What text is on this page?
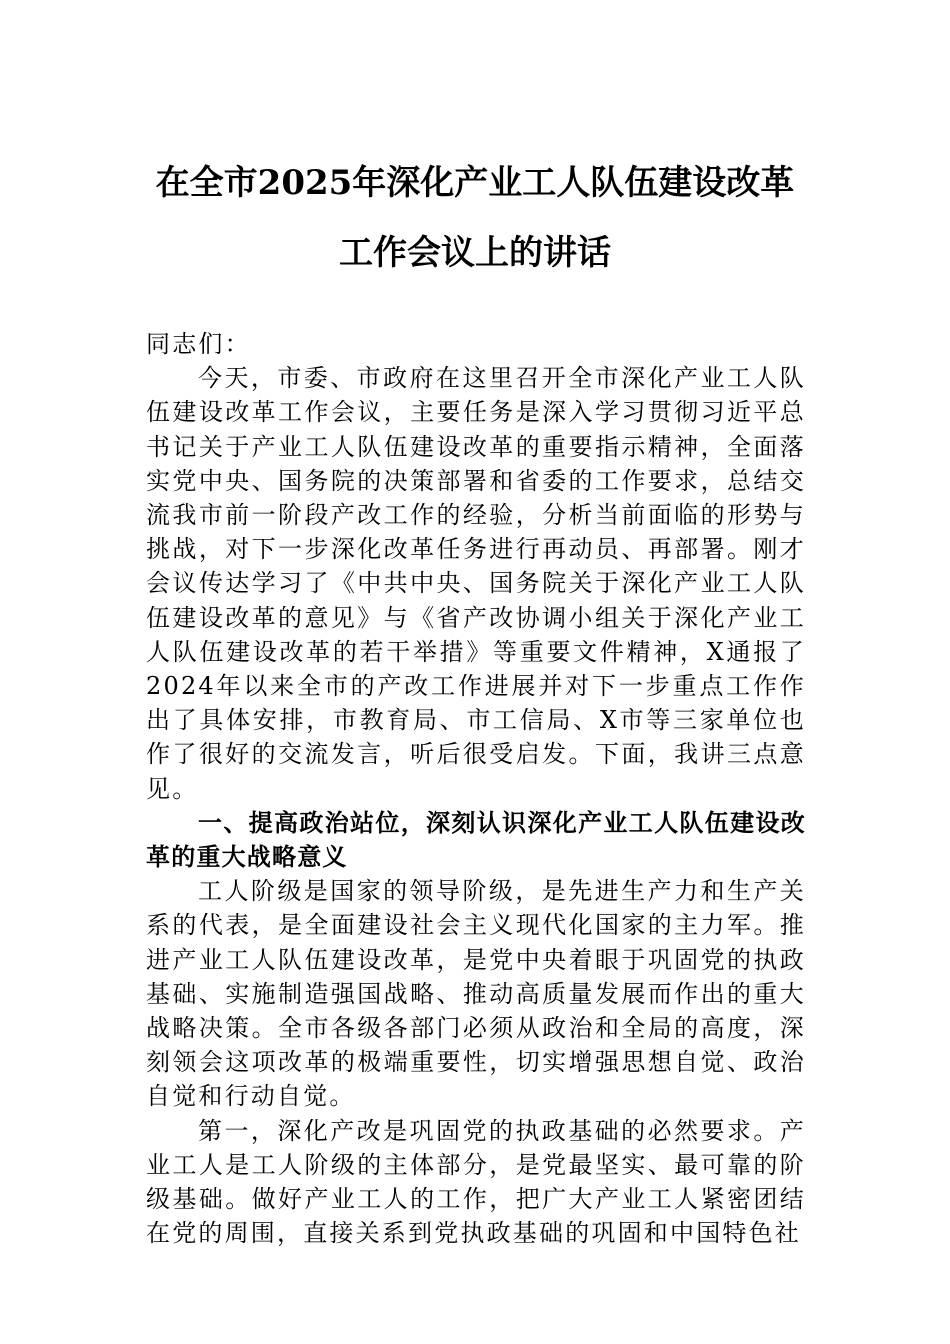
在全市2025年深化产业工人队伍建设改革
工作会议上的讲话

同志们：

今天，市委、市政府在这里召开全市深化产业工人队伍建设改革工作会议，主要任务是深入学习贯彻习近平总书记关于产业工人队伍建设改革的重要指示精神，全面落实党中央、国务院的决策部署和省委的工作要求，总结交流我市前一阶段产改工作的经验，分析当前面临的形势与挑战，对下一步深化改革任务进行再动员、再部署。刚才会议传达学习了《中共中央、国务院关于深化产业工人队伍建设改革的意见》与《省产改协调小组关于深化产业工人队伍建设改革的若干举措》等重要文件精神，X通报了2024年以来全市的产改工作进展并对下一步重点工作作出了具体安排，市教育局、市工信局、X市等三家单位也作了很好的交流发言，听后很受启发。下面，我讲三点意见。

一、提高政治站位，深刻认识深化产业工人队伍建设改革的重大战略意义

工人阶级是国家的领导阶级，是先进生产力和生产关系的代表，是全面建设社会主义现代化国家的主力军。推进产业工人队伍建设改革，是党中央着眼于巩固党的执政基础、实施制造强国战略、推动高质量发展而作出的重大战略决策。全市各级各部门必须从政治和全局的高度，深刻领会这项改革的极端重要性，切实增强思想自觉、政治自觉和行动自觉。

第一，深化产改是巩固党的执政基础的必然要求。产业工人是工人阶级的主体部分，是党最坚实、最可靠的阶级基础。做好产业工人的工作，把广大产业工人紧密团结在党的周围，直接关系到党执政基础的巩固和中国特色社
